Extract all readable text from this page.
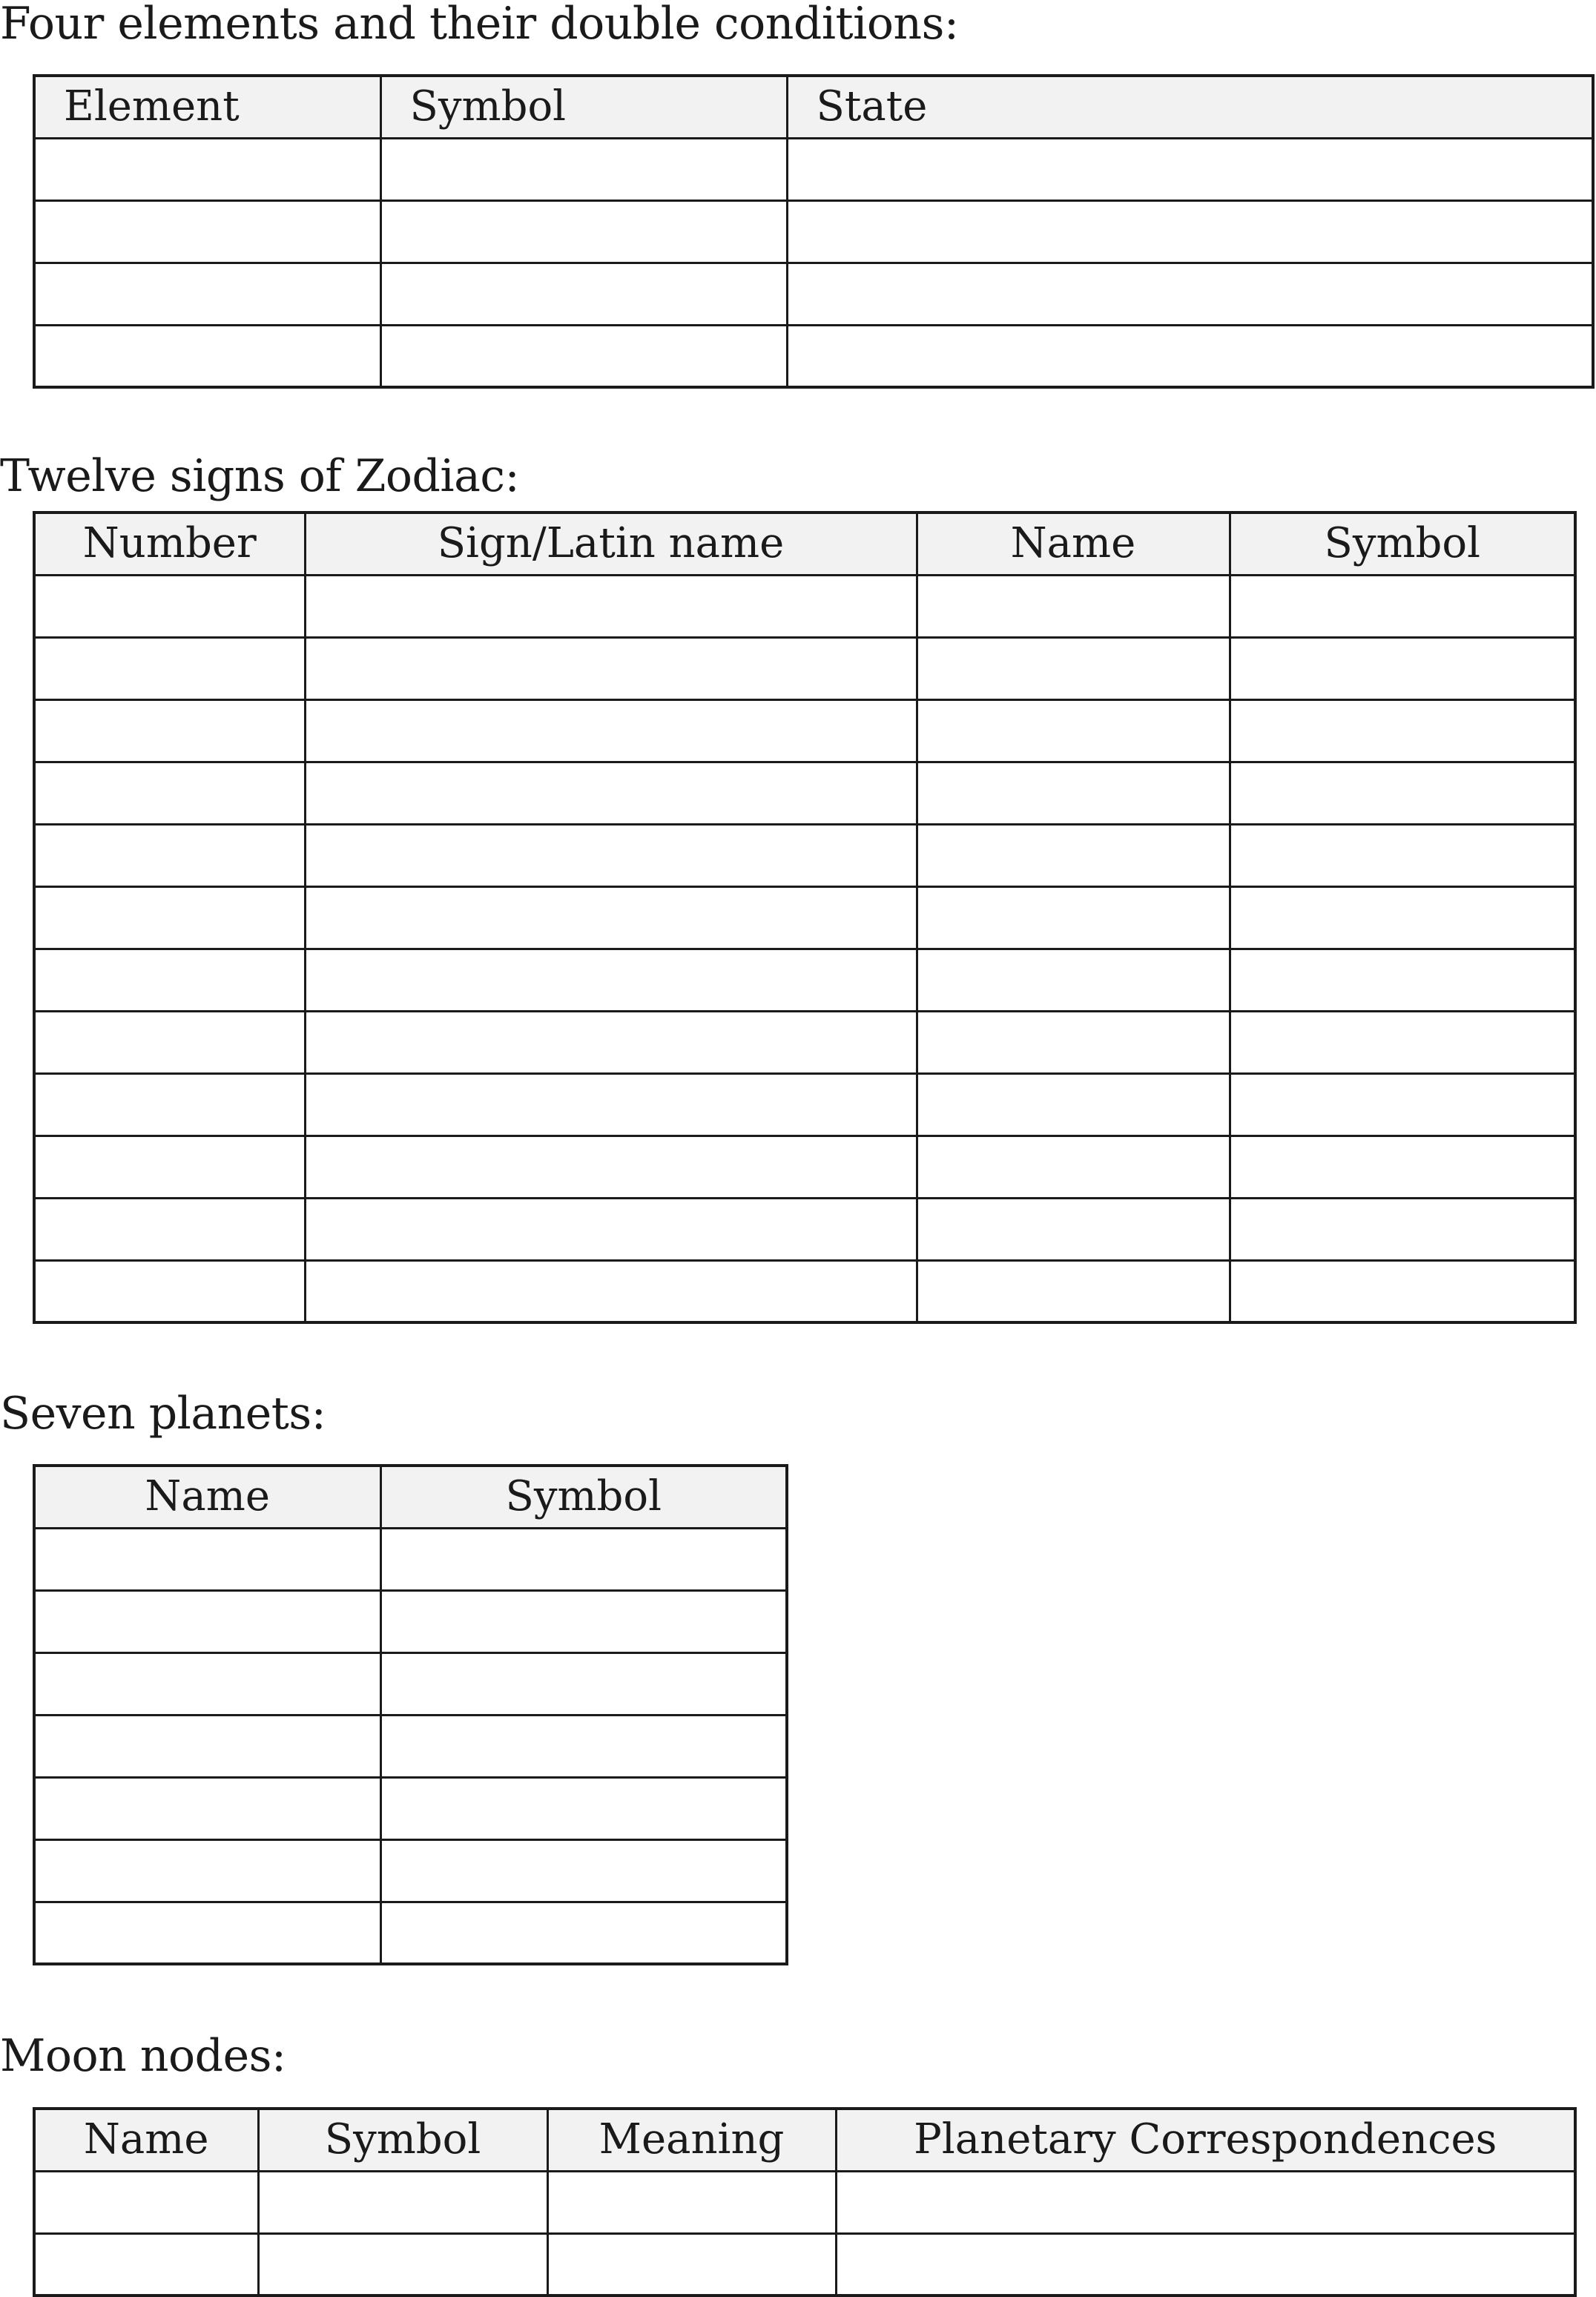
Four elements and their double conditions:
Element	Symbol	State

Twelve signs of Zodiac:
Number	Sign/Latin name	Name	Symbol

Seven planets:
Name	Symbol

Moon nodes:
Name	Symbol	Meaning	Planetary Correspondences
